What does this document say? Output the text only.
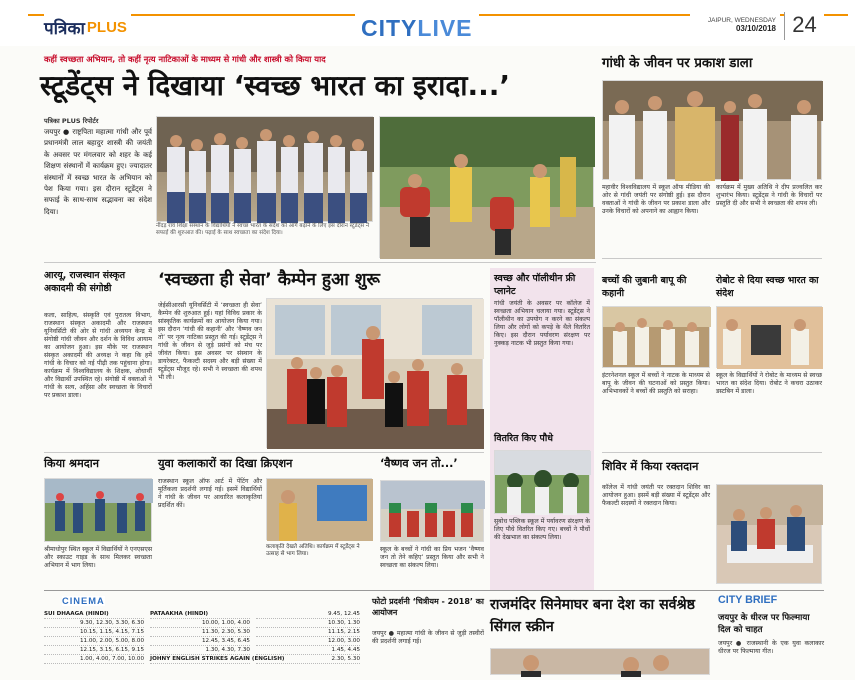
पत्रिका PLUS	CITY LIVE	JAIPUR, WEDNESDAY
03/10/2018 24
कहीं स्वच्छता अभियान, तो कहीं नृत्य नाटिकाओं के माध्यम से गांधी और शास्त्री को किया याद
स्टूडेंट्स ने दिखाया ‘स्वच्छ भारत का इरादा...’
पत्रिका PLUS रिपोर्टर
जयपुर ● राष्ट्रपिता महात्मा गांधी और पूर्व प्रधानमंत्री लाल बहादुर शास्त्री की जयंती के अवसर पर मंगलवार को शहर के कई शिक्षण संस्थानों में कार्यक्रम हुए। ज्यादातर संस्थानों में स्वच्छ भारत के अभियान को पेश किया गया। इस दौरान स्टूडेंट्स ने सफाई के साथ-साथ सद्भावना का संदेश दिया।
नींदड़ राव शिक्षा संस्थान के विद्यार्थियों ने स्वच्छ भारत के संदेश को आगे बढ़ाने के लिए इस दौरान स्टूडेंट्स ने सफाई की शुरुआत की। पढ़ाई के साथ स्वच्छता का संदेश दिया।
आरयू, राजस्थान संस्कृत अकादमी की संगोष्ठी
कला, साहित्य, संस्कृति एवं पुरातत्व विभाग, राजस्थान संस्कृत अकादमी और राजस्थान यूनिवर्सिटी की ओर से गांधी अध्ययन केन्द्र में संगोष्ठी गांधी जीवन और दर्शन के विविध आयाम का आयोजन हुआ। इस मौके पर राजस्थान संस्कृत अकादमी की अध्यक्ष ने कहा कि हमें गांधी के विचार को नई पीढ़ी तक पहुंचाना होगा। कार्यक्रम में विश्वविद्यालय के शिक्षक, शोधार्थी और विद्यार्थी उपस्थित रहे। संगोष्ठी में वक्ताओं ने गांधी के सत्य, अहिंसा और स्वच्छता के विचारों पर प्रकाश डाला।
‘स्वच्छता ही सेवा’ कैम्पेन हुआ शुरू
जेईसीआरसी यूनिवर्सिटी में ‘स्वच्छता ही सेवा’ कैम्पेन की शुरुआत हुई। यहां विविध प्रकार के सांस्कृतिक कार्यक्रमों का आयोजन किया गया। इस दौरान ‘गांधी की कहानी’ और ‘वैष्णव जन तो’ पर नृत्य नाटिका प्रस्तुत की गई। स्टूडेंट्स ने गांधी के जीवन से जुड़े प्रसंगों को मंच पर जीवंत किया। इस अवसर पर संस्थान के डायरेक्टर, फैकल्टी सदस्य और बड़ी संख्या में स्टूडेंट्स मौजूद रहे। सभी ने स्वच्छता की शपथ भी ली।
किया श्रमदान
श्रीमाधोपुर स्थित स्कूल में विद्यार्थियों ने एनएसएस और स्काउट गाइड के साथ मिलकर स्वच्छता अभियान में भाग लिया।
युवा कलाकारों का दिखा क्रिएशन
राजस्थान स्कूल ऑफ आर्ट में पेंटिंग और मूर्तिकला प्रदर्शनी लगाई गई। इसमें विद्यार्थियों ने गांधी के जीवन पर आधारित कलाकृतियां प्रदर्शित कीं।
कलाकृति देखते अतिथि। कार्यक्रम में स्टूडेंट्स ने उत्साह से भाग लिया।
‘वैष्णव जन तो...’
स्कूल के बच्चों ने गांधी का प्रिय भजन ‘वैष्णव जन तो तेने कहिए’ प्रस्तुत किया और सभी ने स्वच्छता का संकल्प लिया।
स्वच्छ और पॉलीथीन फ्री प्लानेट
गांधी जयंती के अवसर पर कॉलेज में स्वच्छता अभियान चलाया गया। स्टूडेंट्स ने पॉलीथीन का उपयोग न करने का संकल्प लिया और लोगों को कपड़े के थैले वितरित किए। इस दौरान पर्यावरण संरक्षण पर नुक्कड़ नाटक भी प्रस्तुत किया गया।
वितरित किए पौधे
सुबोध पब्लिक स्कूल में पर्यावरण संरक्षण के लिए पौधे वितरित किए गए। बच्चों ने पौधों की देखभाल का संकल्प लिया।
गांधी के जीवन पर प्रकाश डाला
महावीर विश्वविद्यालय में स्कूल ऑफ मीडिया की ओर से गांधी जयंती पर संगोष्ठी हुई। इस दौरान वक्ताओं ने गांधी के जीवन पर प्रकाश डाला और उनके विचारों को अपनाने का आह्वान किया।
कार्यक्रम में मुख्य अतिथि ने दीप प्रज्वलित कर शुभारंभ किया। स्टूडेंट्स ने गांधी के विचारों पर प्रस्तुति दी और सभी ने स्वच्छता की शपथ ली।
बच्चों की जुबानी बापू की कहानी
इंटरनेशनल स्कूल में बच्चों ने नाटक के माध्यम से बापू के जीवन की घटनाओं को प्रस्तुत किया। अभिभावकों ने बच्चों की प्रस्तुति को सराहा।
रोबोट से दिया स्वच्छ भारत का संदेश
स्कूल के विद्यार्थियों ने रोबोट के माध्यम से स्वच्छ भारत का संदेश दिया। रोबोट ने कचरा उठाकर डस्टबिन में डाला।
शिविर में किया रक्तदान
कॉलेज में गांधी जयंती पर रक्तदान शिविर का आयोजन हुआ। इसमें बड़ी संख्या में स्टूडेंट्स और फैकल्टी सदस्यों ने रक्तदान किया।
CINEMA
SUI DHAAGA (HINDI)
9.30, 12.30, 3.30, 6.30
10.15, 1.15, 4.15, 7.15
11.00, 2.00, 5.00, 8.00
12.15, 3.15, 6.15, 9.15
1.00, 4.00, 7.00, 10.00
PATAAKHA (HINDI)
10.00, 1.00, 4.00
11.30, 2.30, 5.30
12.45, 3.45, 6.45
1.30, 4.30, 7.30
JOHNY ENGLISH STRIKES AGAIN (ENGLISH)
9.45, 12.45
10.30, 1.30
11.15, 2.15
12.00, 3.00
1.45, 4.45
2.30, 5.30
फोटो प्रदर्शनी ‘चित्रीयम - 2018’ का आयोजन
जयपुर ● महात्मा गांधी के जीवन से जुड़ी तस्वीरों की प्रदर्शनी लगाई गई।
राजमंदिर सिनेमाघर बना देश का सर्वश्रेष्ठ सिंगल स्क्रीन
CITY BRIEF
जयपुर के धीरज पर फिल्माया दिल को चाहत
जयपुर ● राजस्थानी के एक युवा कलाकार धीरज पर फिल्माया गीत।
